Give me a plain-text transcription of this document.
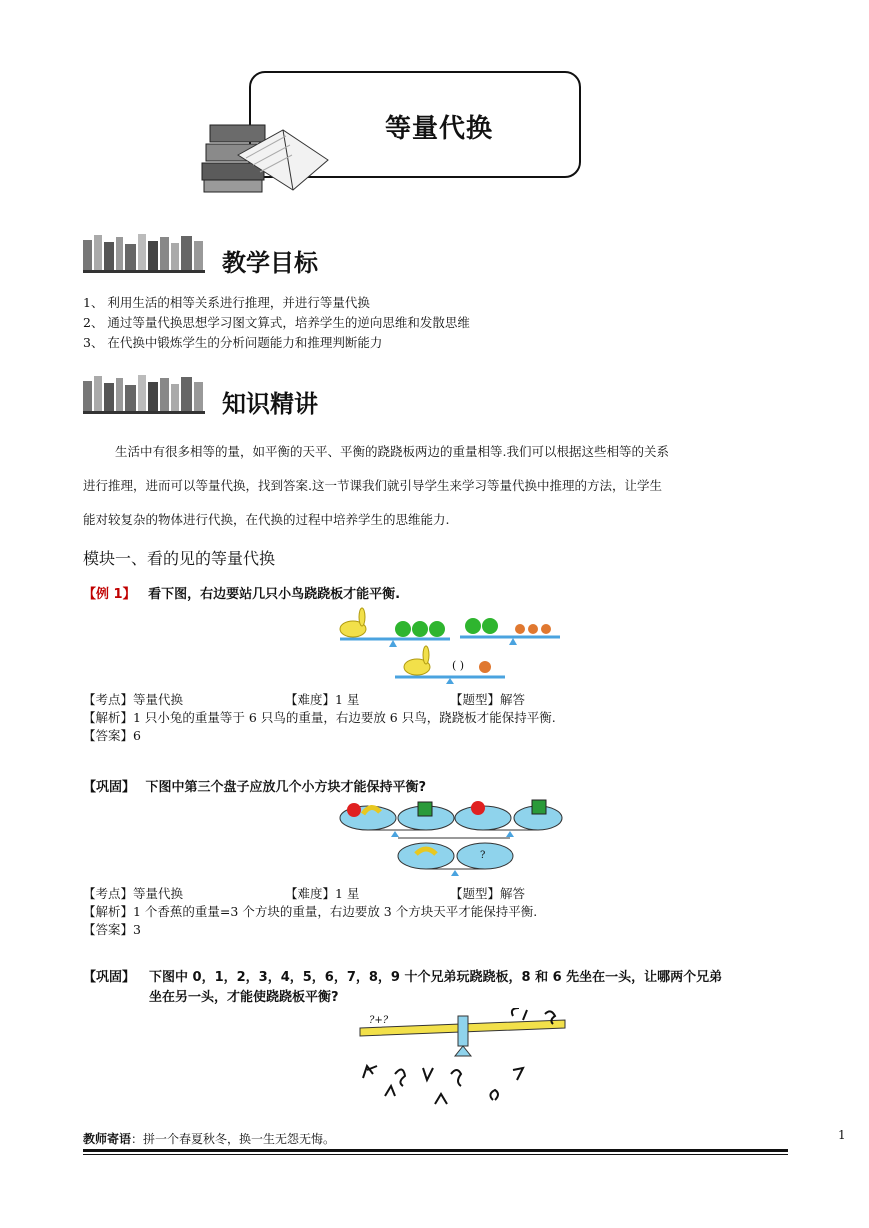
等量代换
教学目标
1、 利用生活的相等关系进行推理，并进行等量代换
2、 通过等量代换思想学习图文算式，培养学生的逆向思维和发散思维
3、 在代换中锻炼学生的分析问题能力和推理判断能力
知识精讲
生活中有很多相等的量，如平衡的天平、平衡的跷跷板两边的重量相等.我们可以根据这些相等的关系
进行推理，进而可以等量代换，找到答案.这一节课我们就引导学生来学习等量代换中推理的方法，让学生
能对较复杂的物体进行代换，在代换的过程中培养学生的思维能力.
模块一、看的见的等量代换
【例 1】 看下图，右边要站几只小鸟跷跷板才能平衡.
( )
【考点】等量代换	【难度】1 星	【题型】解答
【解析】1 只小兔的重量等于 6 只鸟的重量，右边要放 6 只鸟，跷跷板才能保持平衡.
【答案】6
【巩固】 下图中第三个盘子应放几个小方块才能保持平衡?
?
【考点】等量代换	【难度】1 星	【题型】解答
【解析】1 个香蕉的重量=3 个方块的重量，右边要放 3 个方块天平才能保持平衡.
【答案】3
【巩固】 下图中 0，1，2，3，4，5，6，7，8，9 十个兄弟玩跷跷板，8 和 6 先坐在一头，让哪两个兄弟
坐在另一头，才能使跷跷板平衡?
?+?
教师寄语：拼一个春夏秋冬，换一生无怨无悔。	1
